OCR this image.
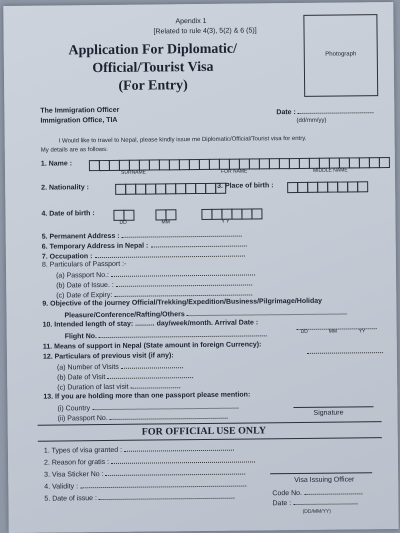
Apendix 1
[Related to rule 4(3), 5(2) & 6 (5)]
Application For Diplomatic/
Official/Tourist Visa
(For Entry)
Photograph
The Immigration Officer
Immigration Office, TIA
Date :
(dd/mm/yy)
I Would like to travel to Nepal, please kindly issue me Diplomatic/Official/Tourist visa for entry.
My details are as follows:
1. Name :
SURNAME	FOR NAME	MIDDLE NAME
2. Nationality :	3. Place of birth :
4. Date of birth :
DD	MM	Y Y
5. Permanent Address :
6. Temporary Address in Nepal :
7. Occupation :
8. Particulars of Passport :-
(a) Passport No.:
(b) Date of Issue. :
(c) Date of Expiry:
9. Objective of the journey Official/Trekking/Expedition/Business/Pilgrimage/Holiday
Pleasure/Conference/Rafting/Others
10. Intended length of stay: .......... day/week/month. Arrival Date :
Flight No.
DD	MM	YY
11. Means of support in Nepal (State amount in foreign Currency):
12. Particulars of previous visit (if any):
(a) Number of Visits
(b) Date of Visit
(c) Duration of last visit
13. If you are holding more than one passport please mention:
(i) Country
(ii) Passport No.
Signature
FOR OFFICIAL USE ONLY
1. Types of visa granted :
2. Reason for gratis :
3. Visa Sticker No :
4. Validity :
5. Date of issue :
Visa Issuing Officer
Code No.
Date :
(DD/MM/YY)
